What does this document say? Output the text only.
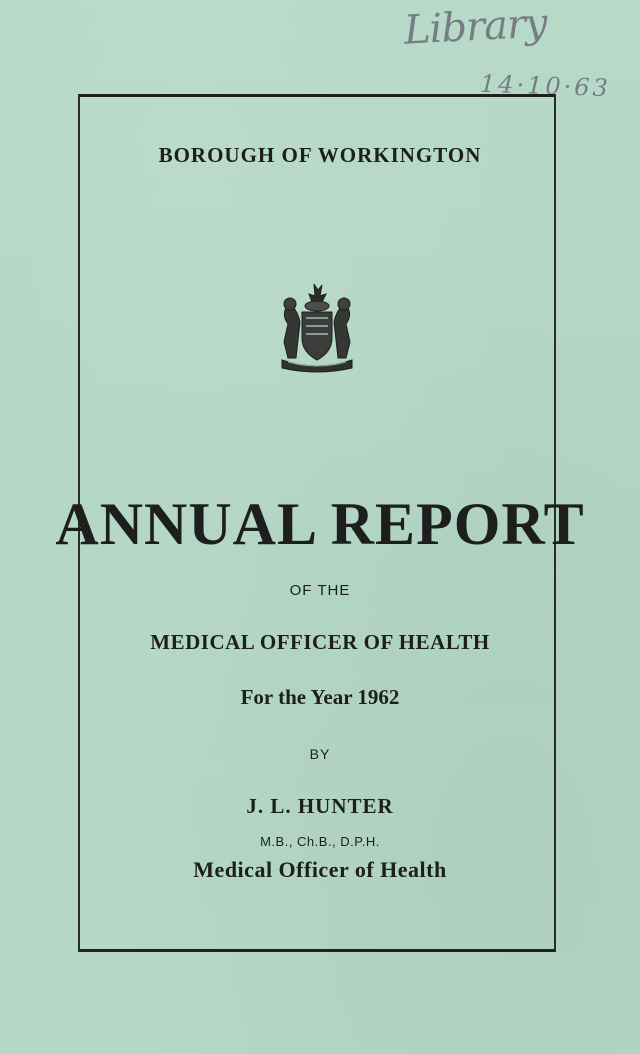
Library
14·10·63
BOROUGH OF WORKINGTON
ANNUAL REPORT
OF THE
MEDICAL OFFICER OF HEALTH
For the Year 1962
BY
J. L. HUNTER
M.B., Ch.B., D.P.H.
Medical Officer of Health
